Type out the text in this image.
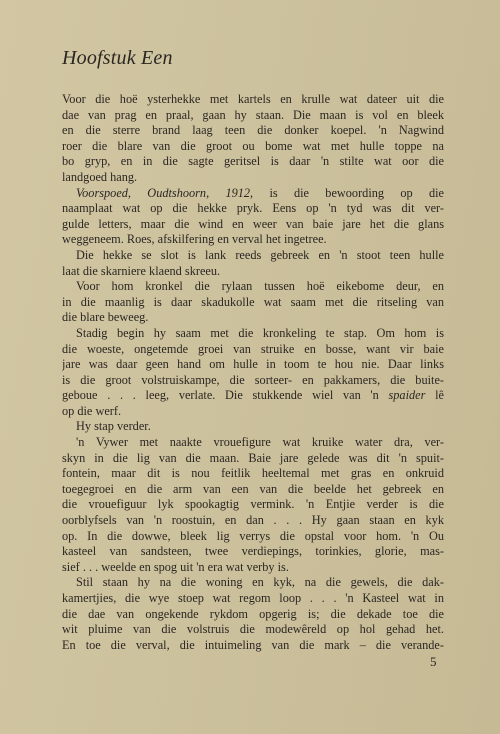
Hoofstuk Een
Voor die hoë ysterhekke met kartels en krulle wat dateer uit die
dae van prag en praal, gaan hy staan. Die maan is vol en bleek
en die sterre brand laag teen die donker koepel. 'n Nagwind
roer die blare van die groot ou bome wat met hulle toppe na
bo gryp, en in die sagte geritsel is daar 'n stilte wat oor die
landgoed hang.
Voorspoed, Oudtshoorn, 1912, is die bewoording op die
naamplaat wat op die hekke pryk. Eens op 'n tyd was dit ver-
gulde letters, maar die wind en weer van baie jare het die glans
weggeneem. Roes, afskilfering en verval het ingetree.
Die hekke se slot is lank reeds gebreek en 'n stoot teen hulle
laat die skarniere klaend skreeu.
Voor hom kronkel die rylaan tussen hoë eikebome deur, en
in die maanlig is daar skadukolle wat saam met die ritseling van
die blare beweeg.
Stadig begin hy saam met die kronkeling te stap. Om hom is
die woeste, ongetemde groei van struike en bosse, want vir baie
jare was daar geen hand om hulle in toom te hou nie. Daar links
is die groot volstruiskampe, die sorteer- en pakkamers, die buite-
geboue . . . leeg, verlate. Die stukkende wiel van 'n spaider lê
op die werf.
Hy stap verder.
'n Vywer met naakte vrouefigure wat kruike water dra, ver-
skyn in die lig van die maan. Baie jare gelede was dit 'n spuit-
fontein, maar dit is nou feitlik heeltemal met gras en onkruid
toegegroei en die arm van een van die beelde het gebreek en
die vrouefiguur lyk spookagtig vermink. 'n Entjie verder is die
oorblyfsels van 'n roostuin, en dan . . . Hy gaan staan en kyk
op. In die dowwe, bleek lig verrys die opstal voor hom. 'n Ou
kasteel van sandsteen, twee verdiepings, torinkies, glorie, mas-
sief . . . weelde en spog uit 'n era wat verby is.
Stil staan hy na die woning en kyk, na die gewels, die dak-
kamertjies, die wye stoep wat regom loop . . . 'n Kasteel wat in
die dae van ongekende rykdom opgerig is; die dekade toe die
wit pluime van die volstruis die modewêreld op hol gehad het.
En toe die verval, die intuimeling van die mark – die verande-
5
